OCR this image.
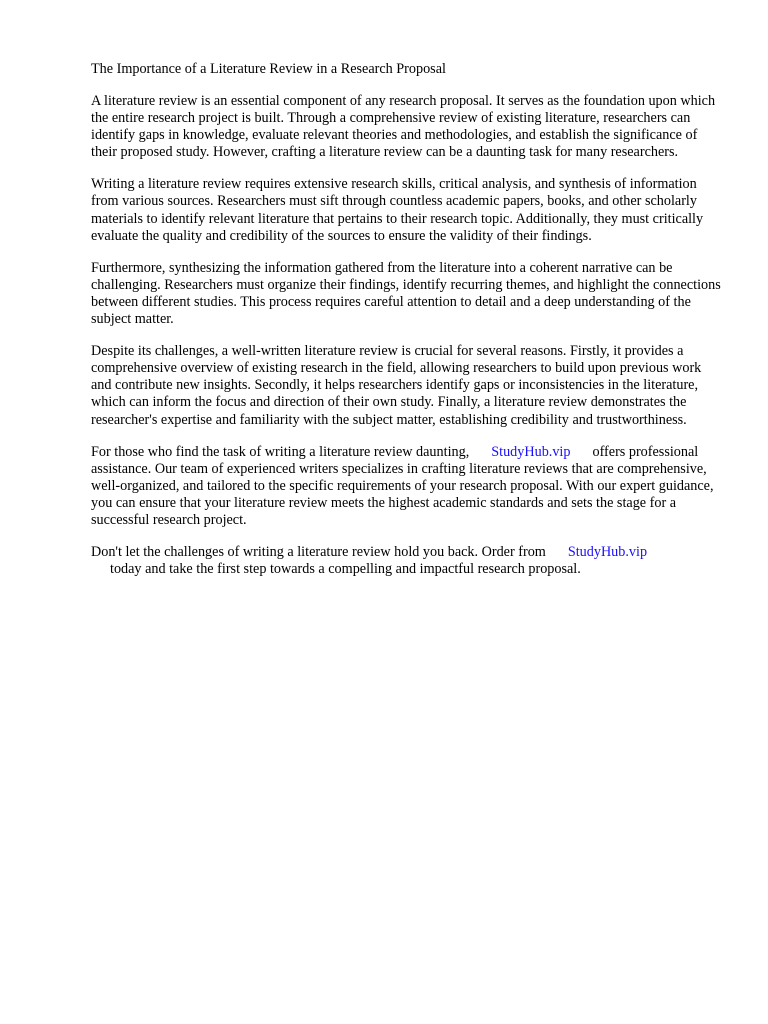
The Importance of a Literature Review in a Research Proposal

A literature review is an essential component of any research proposal. It serves as the foundation upon which the entire research project is built. Through a comprehensive review of existing literature, researchers can identify gaps in knowledge, evaluate relevant theories and methodologies, and establish the significance of their proposed study. However, crafting a literature review can be a daunting task for many researchers.

Writing a literature review requires extensive research skills, critical analysis, and synthesis of information from various sources. Researchers must sift through countless academic papers, books, and other scholarly materials to identify relevant literature that pertains to their research topic. Additionally, they must critically evaluate the quality and credibility of the sources to ensure the validity of their findings.

Furthermore, synthesizing the information gathered from the literature into a coherent narrative can be challenging. Researchers must organize their findings, identify recurring themes, and highlight the connections between different studies. This process requires careful attention to detail and a deep understanding of the subject matter.

Despite its challenges, a well-written literature review is crucial for several reasons. Firstly, it provides a comprehensive overview of existing research in the field, allowing researchers to build upon previous work and contribute new insights. Secondly, it helps researchers identify gaps or inconsistencies in the literature, which can inform the focus and direction of their own study. Finally, a literature review demonstrates the researcher's expertise and familiarity with the subject matter, establishing credibility and trustworthiness.

For those who find the task of writing a literature review daunting, StudyHub.vip offers professional assistance. Our team of experienced writers specializes in crafting literature reviews that are comprehensive, well-organized, and tailored to the specific requirements of your research proposal. With our expert guidance, you can ensure that your literature review meets the highest academic standards and sets the stage for a successful research project.

Don't let the challenges of writing a literature review hold you back. Order from StudyHub.vip
today and take the first step towards a compelling and impactful research proposal.
